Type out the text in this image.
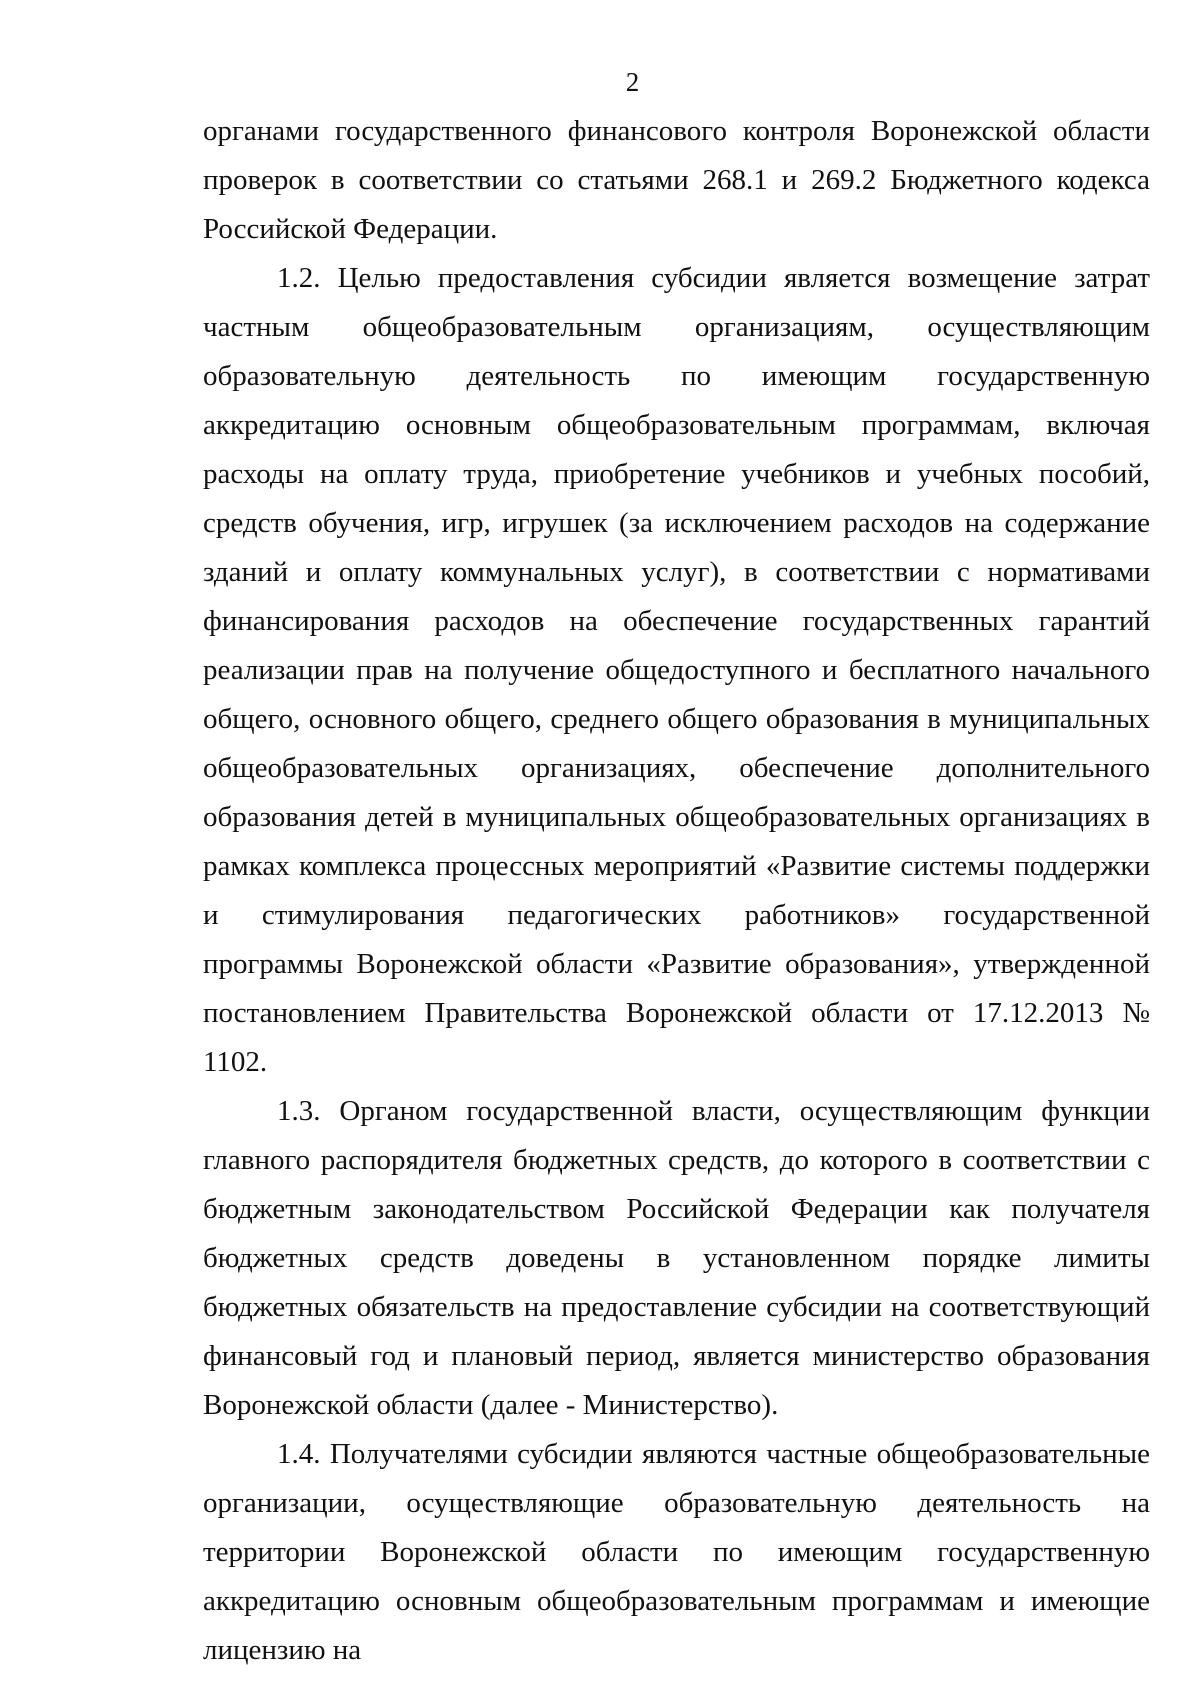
2

органами государственного финансового контроля Воронежской области проверок в соответствии со статьями 268.1 и 269.2 Бюджетного кодекса Российской Федерации.

1.2. Целью предоставления субсидии является возмещение затрат частным общеобразовательным организациям, осуществляющим образовательную деятельность по имеющим государственную аккредитацию основным общеобразовательным программам, включая расходы на оплату труда, приобретение учебников и учебных пособий, средств обучения, игр, игрушек (за исключением расходов на содержание зданий и оплату коммунальных услуг), в соответствии с нормативами финансирования расходов на обеспечение государственных гарантий реализации прав на получение общедоступного и бесплатного начального общего, основного общего, среднего общего образования в муниципальных общеобразовательных организациях, обеспечение дополнительного образования детей в муниципальных общеобразовательных организациях в рамках комплекса процессных мероприятий «Развитие системы поддержки и стимулирования педагогических работников» государственной программы Воронежской области «Развитие образования», утвержденной постановлением Правительства Воронежской области от 17.12.2013 № 1102.

1.3. Органом государственной власти, осуществляющим функции главного распорядителя бюджетных средств, до которого в соответствии с бюджетным законодательством Российской Федерации как получателя бюджетных средств доведены в установленном порядке лимиты бюджетных обязательств на предоставление субсидии на соответствующий финансовый год и плановый период, является министерство образования Воронежской области (далее - Министерство).

1.4. Получателями субсидии являются частные общеобразовательные организации, осуществляющие образовательную деятельность на территории Воронежской области по имеющим государственную аккредитацию основным общеобразовательным программам и имеющие лицензию на
